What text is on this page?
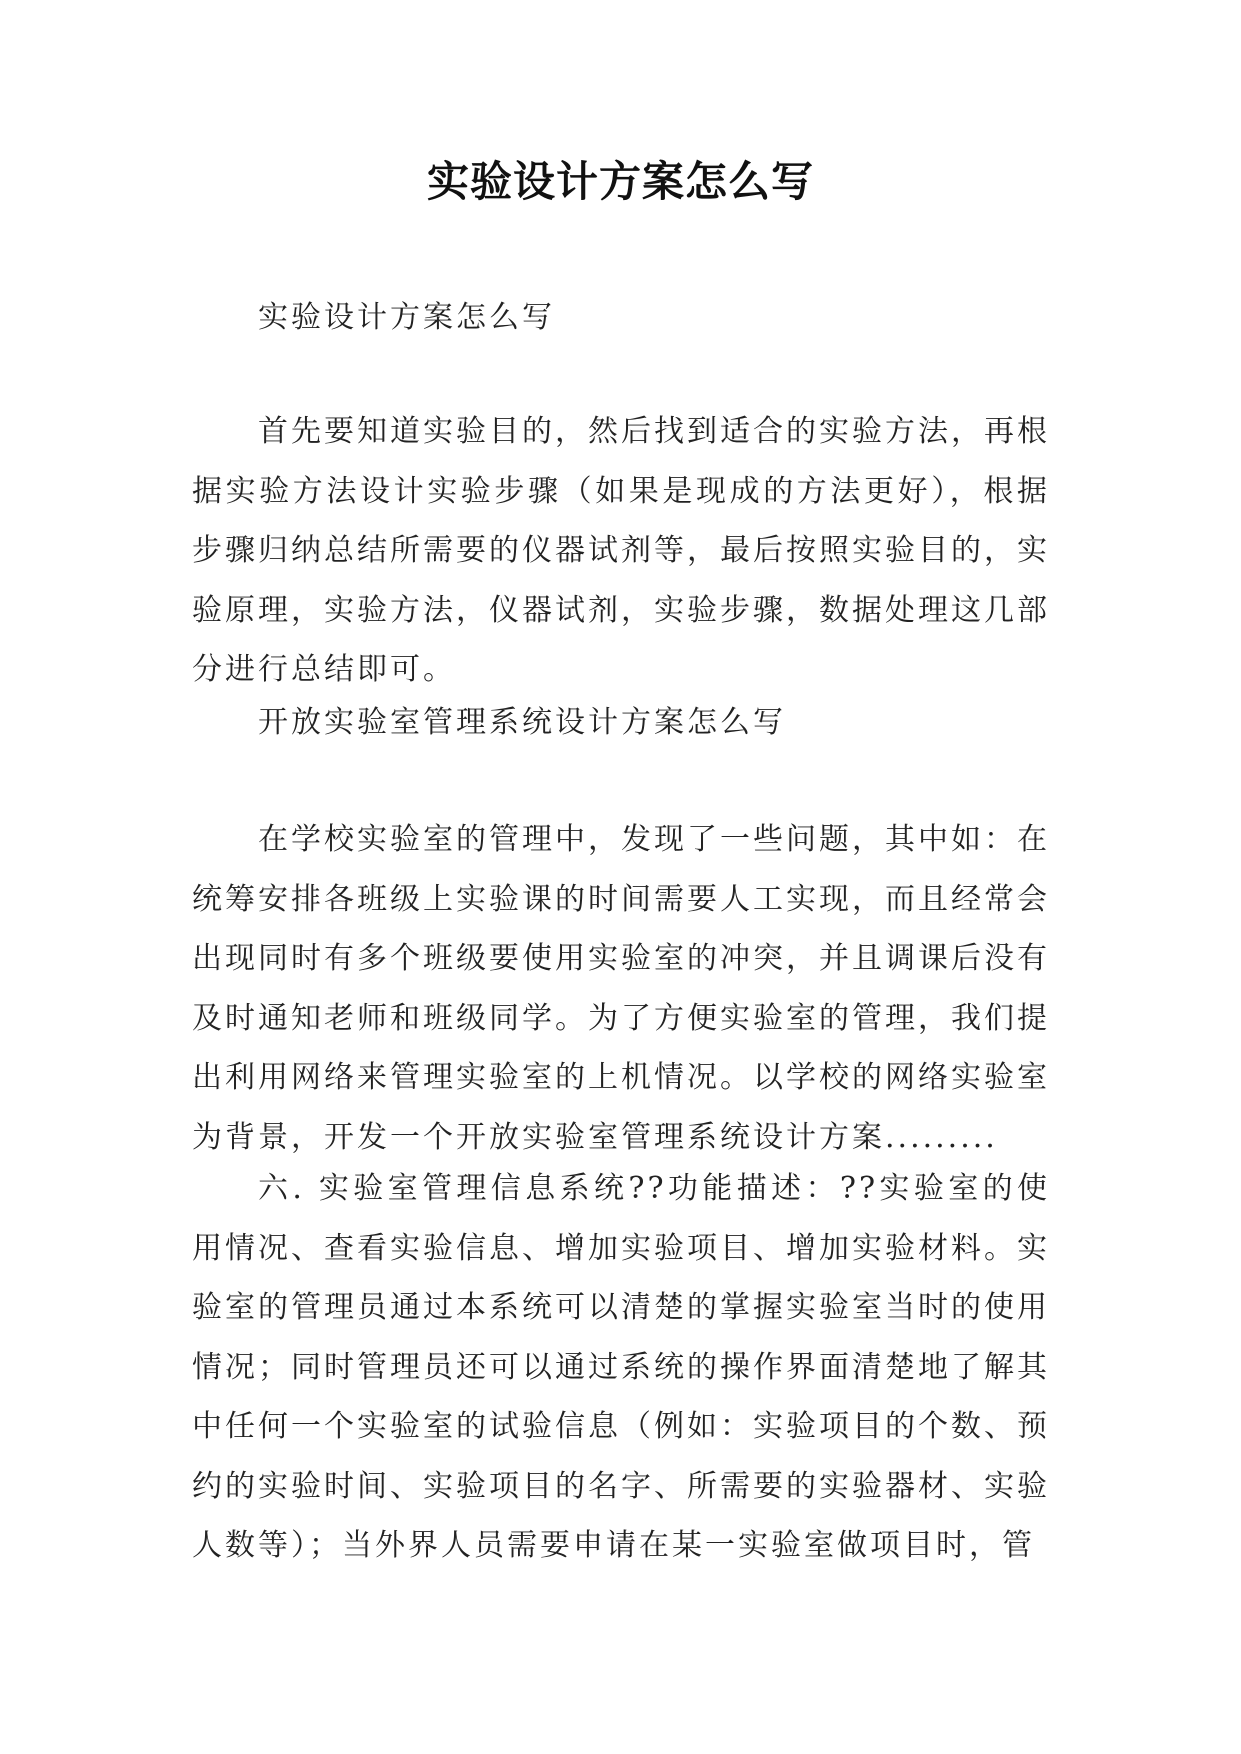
实验设计方案怎么写

实验设计方案怎么写

首先要知道实验目的，然后找到适合的实验方法，再根据实验方法设计实验步骤（如果是现成的方法更好），根据步骤归纳总结所需要的仪器试剂等，最后按照实验目的，实验原理，实验方法，仪器试剂，实验步骤，数据处理这几部分进行总结即可。

开放实验室管理系统设计方案怎么写

在学校实验室的管理中，发现了一些问题，其中如：在统筹安排各班级上实验课的时间需要人工实现，而且经常会出现同时有多个班级要使用实验室的冲突，并且调课后没有及时通知老师和班级同学。为了方便实验室的管理，我们提出利用网络来管理实验室的上机情况。以学校的网络实验室为背景，开发一个开放实验室管理系统设计方案.........

六. 实验室管理信息系统??功能描述：??实验室的使用情况、查看实验信息、增加实验项目、增加实验材料。实验室的管理员通过本系统可以清楚的掌握实验室当时的使用情况；同时管理员还可以通过系统的操作界面清楚地了解其中任何一个实验室的试验信息（例如：实验项目的个数、预约的实验时间、实验项目的名字、所需要的实验器材、实验人数等）；当外界人员需要申请在某一实验室做项目时，管
